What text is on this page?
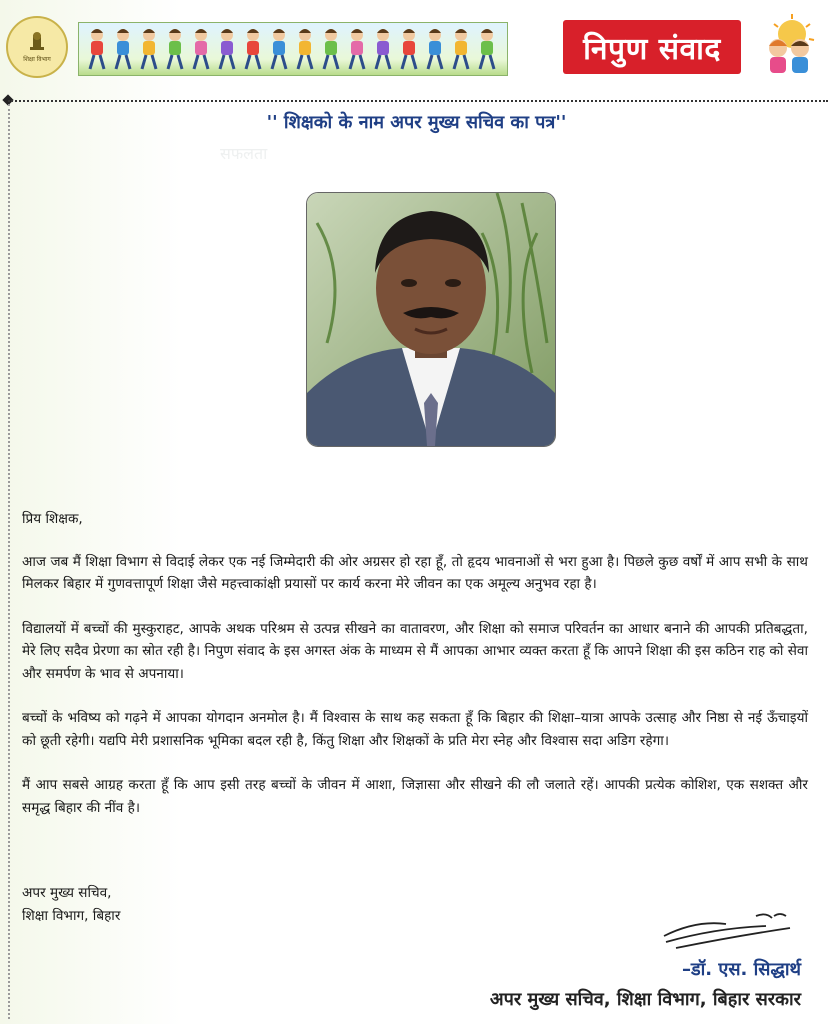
शिक्षा विभाग	निपुण संवाद
'' शिक्षको के नाम अपर मुख्य सचिव का पत्र''
सफलता

प्रिय शिक्षक,

आज जब मैं शिक्षा विभाग से विदाई लेकर एक नई जिम्मेदारी की ओर अग्रसर हो रहा हूँ, तो हृदय भावनाओं से भरा हुआ है। पिछले कुछ वर्षों में आप सभी के साथ मिलकर बिहार में गुणवत्तापूर्ण शिक्षा जैसे महत्त्वाकांक्षी प्रयासों पर कार्य करना मेरे जीवन का एक अमूल्य अनुभव रहा है।

विद्यालयों में बच्चों की मुस्कुराहट, आपके अथक परिश्रम से उत्पन्न सीखने का वातावरण, और शिक्षा को समाज परिवर्तन का आधार बनाने की आपकी प्रतिबद्धता, मेरे लिए सदैव प्रेरणा का स्रोत रही है। निपुण संवाद के इस अगस्त अंक के माध्यम से मैं आपका आभार व्यक्त करता हूँ कि आपने शिक्षा की इस कठिन राह को सेवा और समर्पण के भाव से अपनाया।

बच्चों के भविष्य को गढ़ने में आपका योगदान अनमोल है। मैं विश्वास के साथ कह सकता हूँ कि बिहार की शिक्षा–यात्रा आपके उत्साह और निष्ठा से नई ऊँचाइयों को छूती रहेगी। यद्यपि मेरी प्रशासनिक भूमिका बदल रही है, किंतु शिक्षा और शिक्षकों के प्रति मेरा स्नेह और विश्वास सदा अडिग रहेगा।

मैं आप सबसे आग्रह करता हूँ कि आप इसी तरह बच्चों के जीवन में आशा, जिज्ञासा और सीखने की लौ जलाते रहें। आपकी प्रत्येक कोशिश, एक सशक्त और समृद्ध बिहार की नींव है।

अपर मुख्य सचिव,
शिक्षा विभाग, बिहार
–डॉ. एस. सिद्धार्थ
अपर मुख्य सचिव, शिक्षा विभाग, बिहार सरकार
